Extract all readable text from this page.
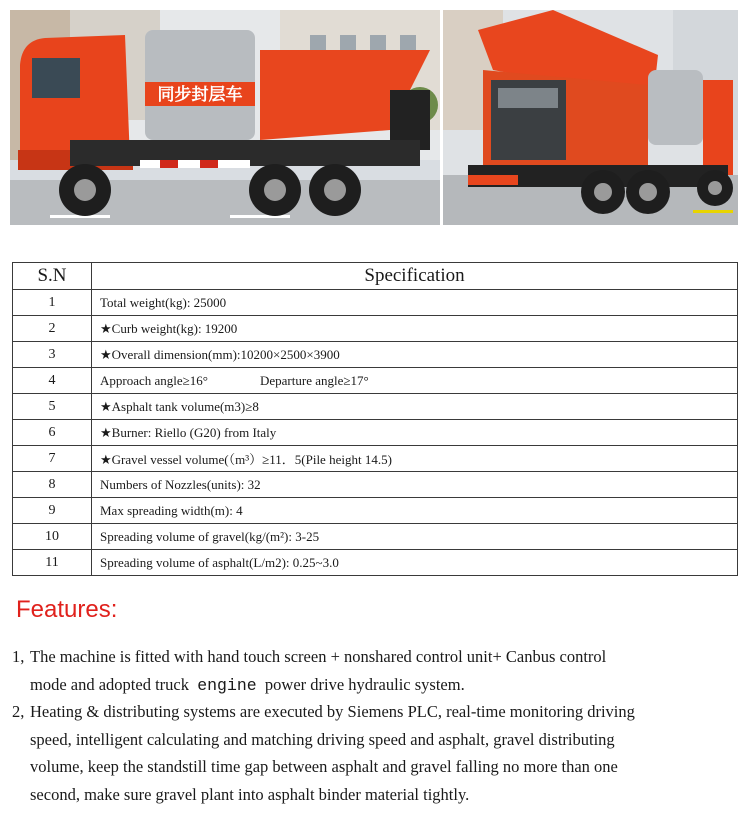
同步封层车
S.N	Specification
1	Total weight(kg): 25000
2	★Curb weight(kg): 19200
3	★Overall dimension(mm):10200×2500×3900
4	Approach angle≥16° Departure angle≥17°
5	★Asphalt tank volume(m3)≥8
6	★Burner: Riello (G20) from Italy
7	★Gravel vessel volume(（m³）≥11．5(Pile height 14.5)
8	Numbers of Nozzles(units): 32
9	Max spreading width(m): 4
10	Spreading volume of gravel(kg/(m²): 3-25
11	Spreading volume of asphalt(L/m2): 0.25~3.0
Features:
1, The machine is fitted with hand touch screen + nonshared control unit+ Canbus control
mode and adopted truck engine power drive hydraulic system.
2, Heating & distributing systems are executed by Siemens PLC, real-time monitoring driving
speed, intelligent calculating and matching driving speed and asphalt, gravel distributing
volume, keep the standstill time gap between asphalt and gravel falling no more than one
second, make sure gravel plant into asphalt binder material tightly.
